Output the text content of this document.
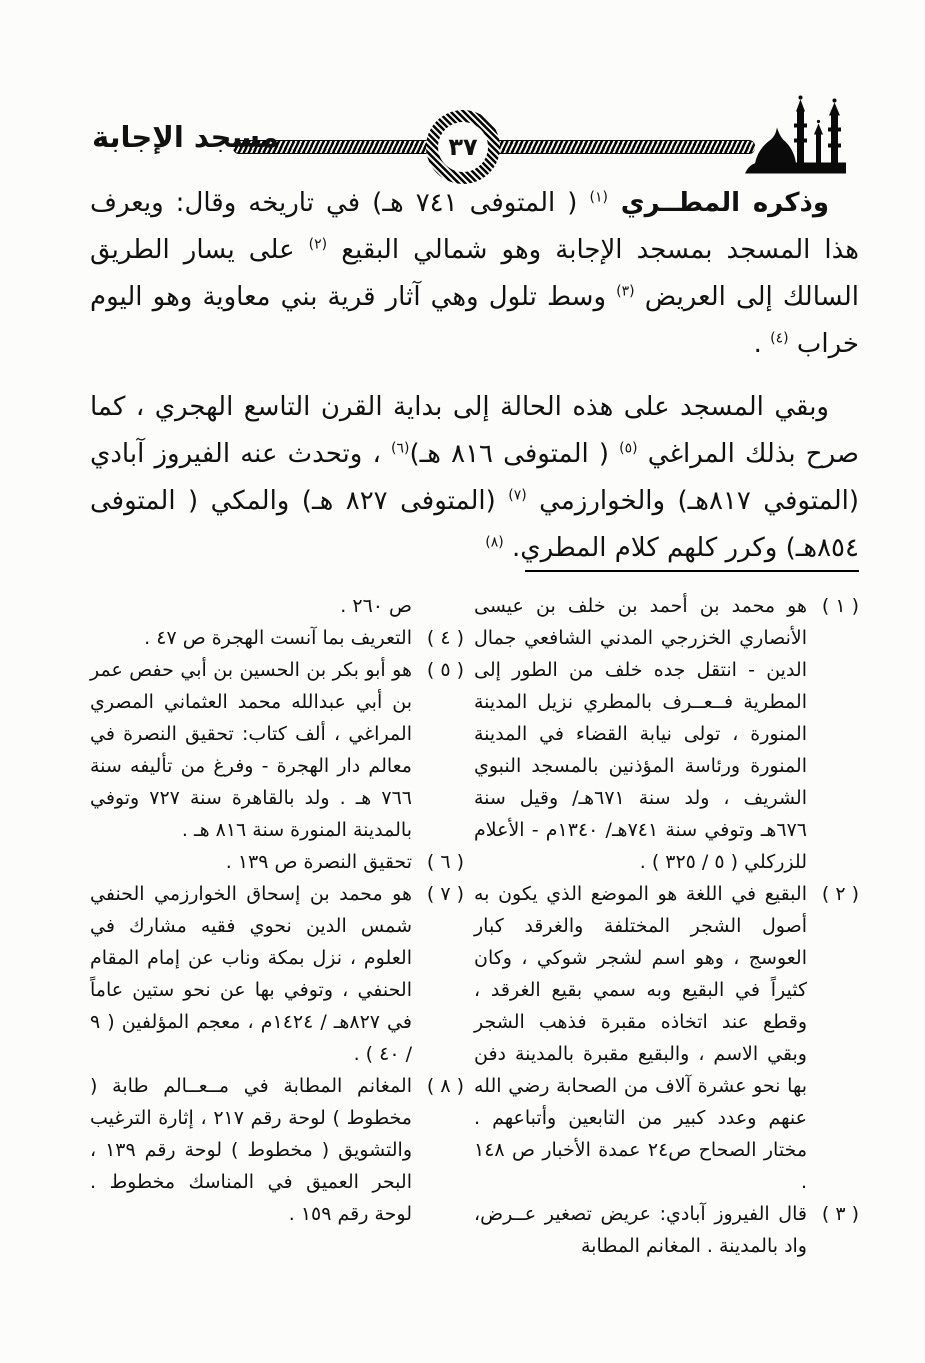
٣٧
مسجد الإجابة

وذكره المطــري $^{(١)}$ ( المتوفى ٧٤١ هـ) في تاريخه وقال: ويعرف هذا المسجد بمسجد الإجابة وهو شمالي البقيع $^{(٢)}$ على يسار الطريق السالك إلى العريض $^{(٣)}$ وسط تلول وهي آثار قرية بني معاوية وهو اليوم خراب $^{(٤)}$ .

وبقي المسجد على هذه الحالة إلى بداية القرن التاسع الهجري ، كما صرح بذلك المراغي $^{(٥)}$ ( المتوفى ٨١٦ هـ)$^{(٦)}$ ، وتحدث عنه الفيروز آبادي (المتوفي ٨١٧هـ) والخوارزمي $^{(٧)}$ (المتوفى ٨٢٧ هـ) والمكي ( المتوفى ٨٥٤هـ) وكرر كلهم كلام المطري. $^{(٨)}$

( ١ )
هو محمد بن أحمد بن خلف بن عيسى الأنصاري الخزرجي المدني الشافعي جمال الدين - انتقل جده خلف من الطور إلى المطرية فــعــرف بالمطري نزيل المدينة المنورة ، تولى نيابة القضاء في المدينة المنورة ورئاسة المؤذنين بالمسجد النبوي الشريف ، ولد سنة ٦٧١هـ/ وقيل سنة ٦٧٦هـ وتوفي سنة ٧٤١هـ/ ١٣٤٠م - الأعلام للزركلي ( ٥ / ٣٢٥ ) .
( ٢ )
البقيع في اللغة هو الموضع الذي يكون به أصول الشجر المختلفة والغرقد كبار العوسج ، وهو اسم لشجر شوكي ، وكان كثيراً في البقيع وبه سمي بقيع الغرقد ، وقطع عند اتخاذه مقبرة فذهب الشجر وبقي الاسم ، والبقيع مقبرة بالمدينة دفن بها نحو عشرة آلاف من الصحابة رضي الله عنهم وعدد كبير من التابعين وأتباعهم . مختار الصحاح ص٢٤ عمدة الأخبار ص ١٤٨ .
( ٣ )
قال الفيروز آبادي: عريض تصغير عــرض، واد بالمدينة . المغانم المطابة
ص ٢٦٠ .
( ٤ )
التعريف بما آنست الهجرة ص ٤٧ .
( ٥ )
هو أبو بكر بن الحسين بن أبي حفص عمر بن أبي عبدالله محمد العثماني المصري المراغي ، ألف كتاب: تحقيق النصرة في معالم دار الهجرة - وفرغ من تأليفه سنة ٧٦٦ هـ . ولد بالقاهرة سنة ٧٢٧ وتوفي بالمدينة المنورة سنة ٨١٦ هـ .
( ٦ )
تحقيق النصرة ص ١٣٩ .
( ٧ )
هو محمد بن إسحاق الخوارزمي الحنفي شمس الدين نحوي فقيه مشارك في العلوم ، نزل بمكة وناب عن إمام المقام الحنفي ، وتوفي بها عن نحو ستين عاماً في ٨٢٧هـ / ١٤٢٤م ، معجم المؤلفين ( ٩ / ٤٠ ) .
( ٨ )
المغانم المطابة في مــعــالم طابة ( مخطوط ) لوحة رقم ٢١٧ ، إثارة الترغيب والتشويق ( مخطوط ) لوحة رقم ١٣٩ ، البحر العميق في المناسك مخطوط . لوحة رقم ١٥٩ .
